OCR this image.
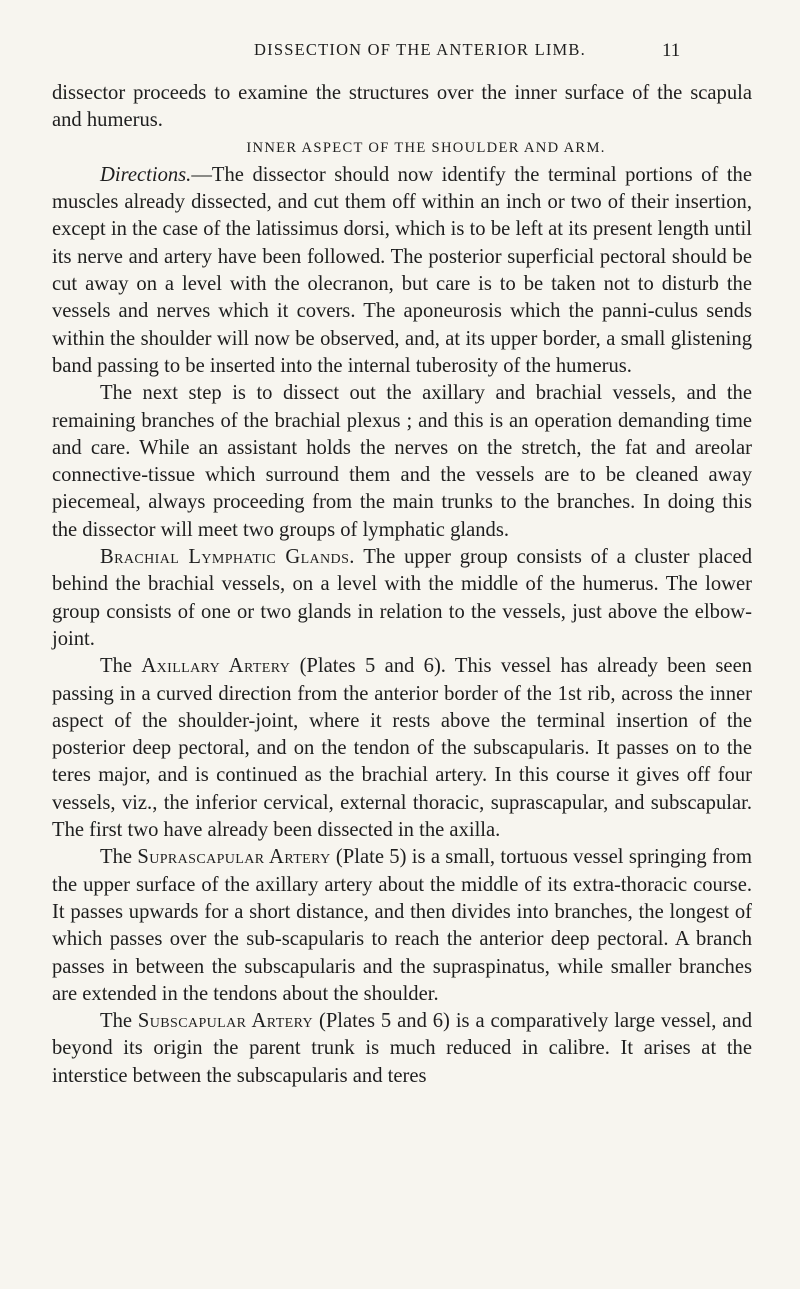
DISSECTION OF THE ANTERIOR LIMB.	11

dissector proceeds to examine the structures over the inner surface of the scapula and humerus.

INNER ASPECT OF THE SHOULDER AND ARM.

Directions.—The dissector should now identify the terminal portions of the muscles already dissected, and cut them off within an inch or two of their insertion, except in the case of the latissimus dorsi, which is to be left at its present length until its nerve and artery have been followed. The posterior superficial pectoral should be cut away on a level with the olecranon, but care is to be taken not to disturb the vessels and nerves which it covers. The aponeurosis which the panni-culus sends within the shoulder will now be observed, and, at its upper border, a small glistening band passing to be inserted into the internal tuberosity of the humerus.

The next step is to dissect out the axillary and brachial vessels, and the remaining branches of the brachial plexus ; and this is an operation demanding time and care. While an assistant holds the nerves on the stretch, the fat and areolar connective-tissue which surround them and the vessels are to be cleaned away piecemeal, always proceeding from the main trunks to the branches. In doing this the dissector will meet two groups of lymphatic glands.

Brachial Lymphatic Glands. The upper group consists of a cluster placed behind the brachial vessels, on a level with the middle of the humerus. The lower group consists of one or two glands in relation to the vessels, just above the elbow-joint.

The Axillary Artery (Plates 5 and 6). This vessel has already been seen passing in a curved direction from the anterior border of the 1st rib, across the inner aspect of the shoulder-joint, where it rests above the terminal insertion of the posterior deep pectoral, and on the tendon of the subscapularis. It passes on to the teres major, and is continued as the brachial artery. In this course it gives off four vessels, viz., the inferior cervical, external thoracic, suprascapular, and subscapular. The first two have already been dissected in the axilla.

The Suprascapular Artery (Plate 5) is a small, tortuous vessel springing from the upper surface of the axillary artery about the middle of its extra-thoracic course. It passes upwards for a short distance, and then divides into branches, the longest of which passes over the sub-scapularis to reach the anterior deep pectoral. A branch passes in between the subscapularis and the supraspinatus, while smaller branches are extended in the tendons about the shoulder.

The Subscapular Artery (Plates 5 and 6) is a comparatively large vessel, and beyond its origin the parent trunk is much reduced in calibre. It arises at the interstice between the subscapularis and teres
